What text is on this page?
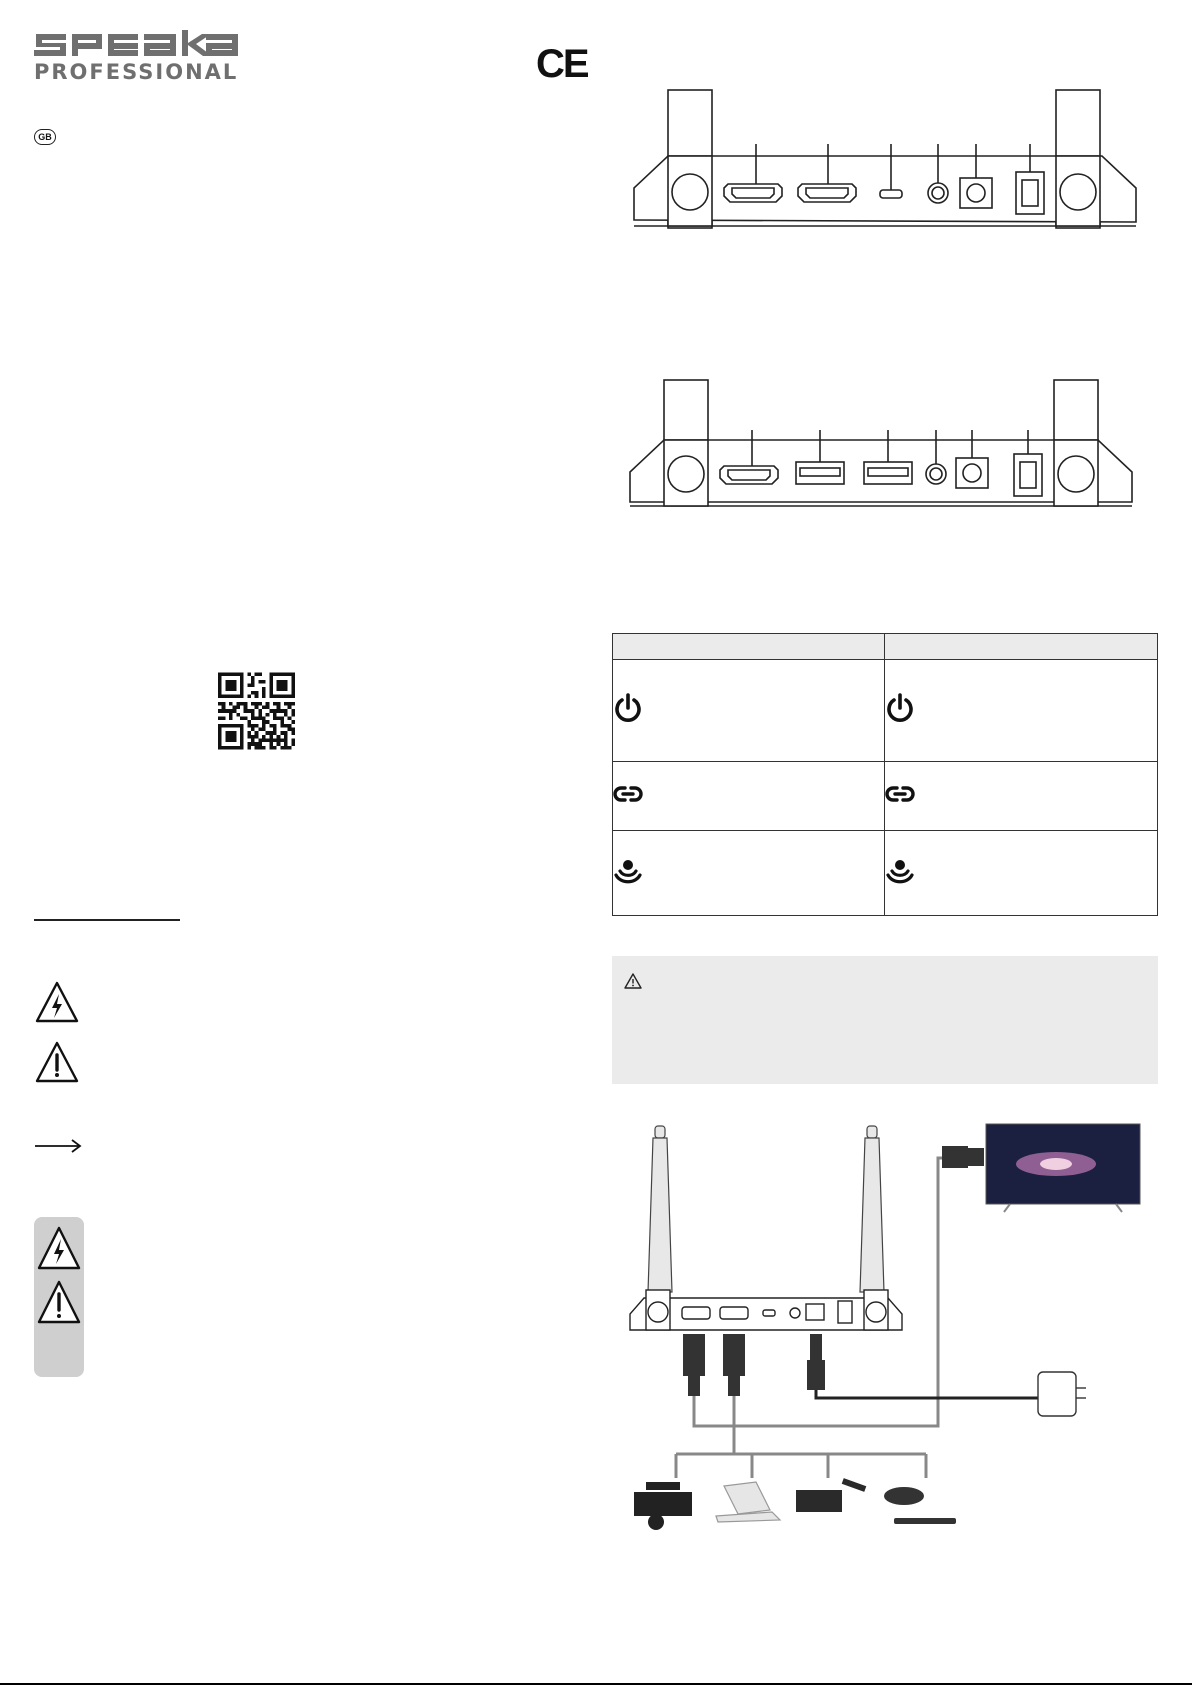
PROFESSIONAL	CE
GB
